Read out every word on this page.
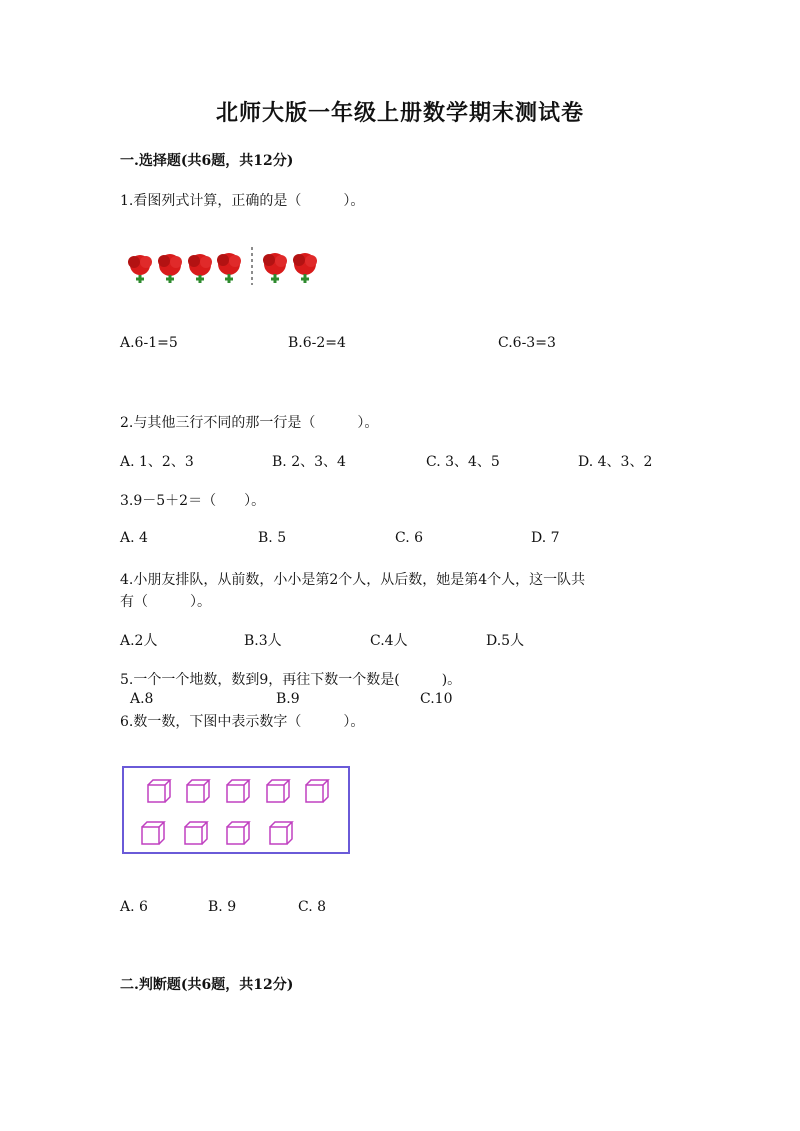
北师大版一年级上册数学期末测试卷
一.选择题(共6题，共12分)
1.看图列式计算，正确的是（　　　）。
A.6-1=5	B.6-2=4	C.6-3=3
2.与其他三行不同的那一行是（　　　）。
A. 1、2、3	B. 2、3、4	C. 3、4、5	D. 4、3、2
3.9－5＋2＝（　　）。
A. 4	B. 5	C. 6	D. 7
4.小朋友排队，从前数，小小是第2个人，从后数，她是第4个人，这一队共
有（　　　）。
A.2人	B.3人	C.4人	D.5人
5.一个一个地数，数到9，再往下数一个数是(　　　)。
A.8	B.9	C.10
6.数一数，下图中表示数字（　　　）。
A. 6	B. 9	C. 8
二.判断题(共6题，共12分)
